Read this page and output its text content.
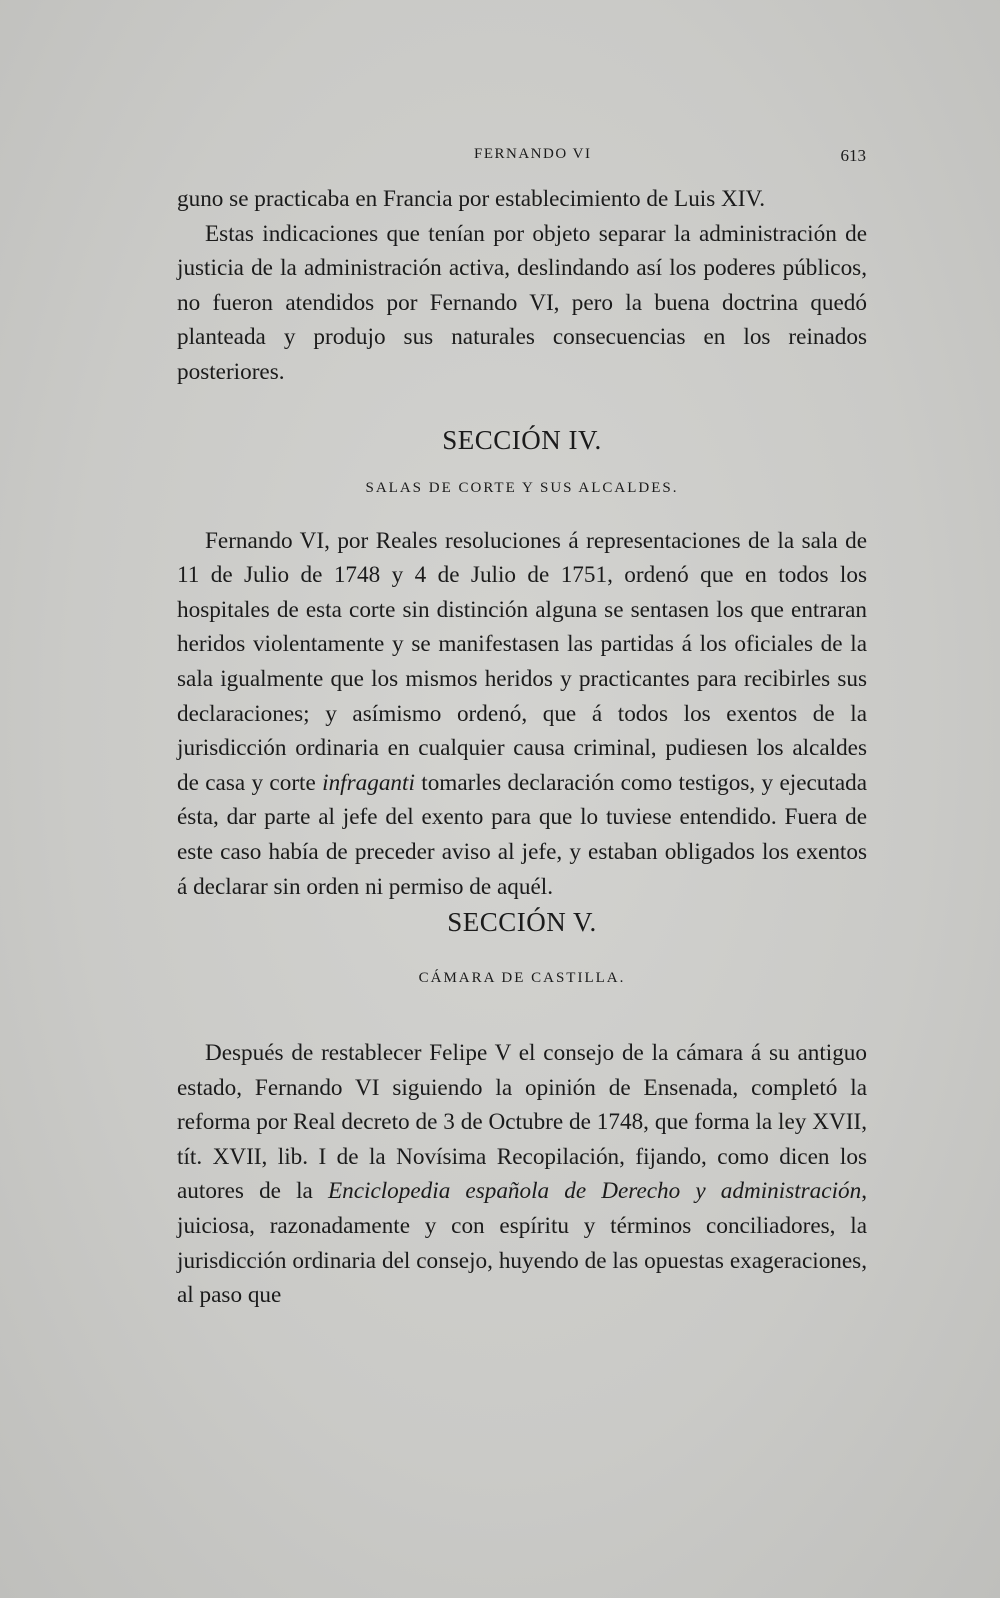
FERNANDO VI	613

guno se practicaba en Francia por establecimiento de Luis XIV.

Estas indicaciones que tenían por objeto separar la administración de justicia de la administración activa, deslindando así los poderes públicos, no fueron atendidos por Fernando VI, pero la buena doctrina quedó planteada y produjo sus naturales consecuencias en los reinados posteriores.

SECCIÓN IV.
SALAS DE CORTE Y SUS ALCALDES.

Fernando VI, por Reales resoluciones á representaciones de la sala de 11 de Julio de 1748 y 4 de Julio de 1751, ordenó que en todos los hospitales de esta corte sin distinción alguna se sentasen los que entraran heridos violentamente y se manifestasen las partidas á los oficiales de la sala igualmente que los mismos heridos y practicantes para recibirles sus declaraciones; y asímismo ordenó, que á todos los exentos de la jurisdicción ordinaria en cualquier causa criminal, pudiesen los alcaldes de casa y corte infraganti tomarles declaración como testigos, y ejecutada ésta, dar parte al jefe del exento para que lo tuviese entendido. Fuera de este caso había de preceder aviso al jefe, y estaban obligados los exentos á declarar sin orden ni permiso de aquél.

SECCIÓN V.
CÁMARA DE CASTILLA.

Después de restablecer Felipe V el consejo de la cámara á su antiguo estado, Fernando VI siguiendo la opinión de Ensenada, completó la reforma por Real decreto de 3 de Octubre de 1748, que forma la ley XVII, tít. XVII, lib. I de la Novísima Recopilación, fijando, como dicen los autores de la Enciclopedia española de Derecho y administración, juiciosa, razonadamente y con espíritu y términos conciliadores, la jurisdicción ordinaria del consejo, huyendo de las opuestas exageraciones, al paso que
